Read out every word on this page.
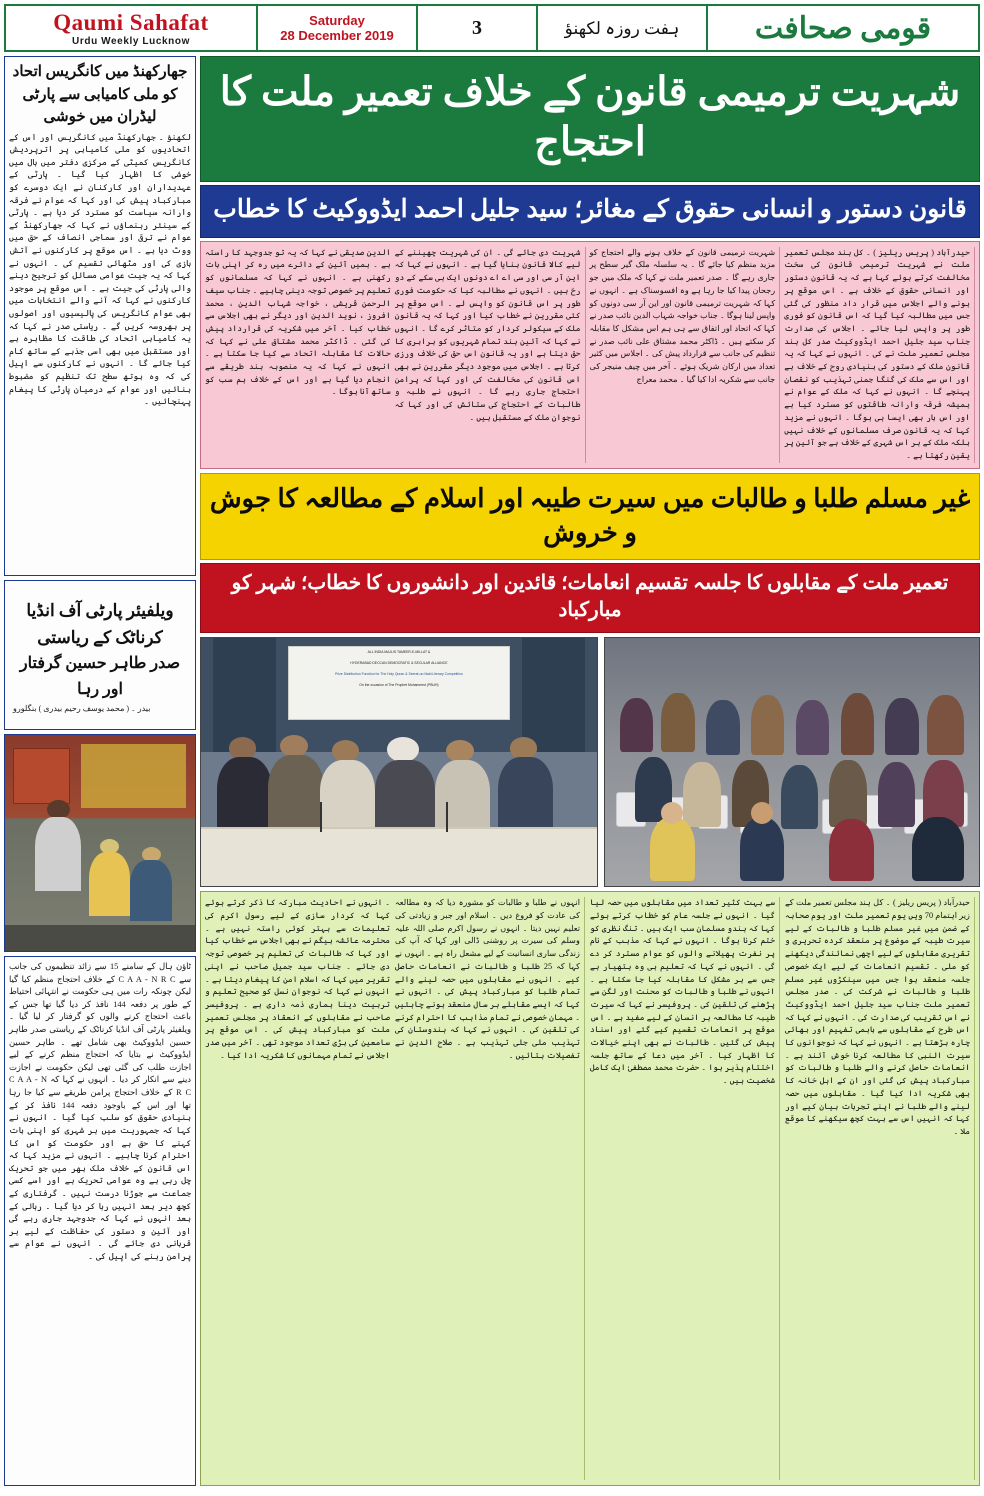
Qaumi Sahafat
Urdu Weekly Lucknow
Saturday
28 December 2019	3	ہفت روزہ لکھنؤ	قومی صحافت
جھارکھنڈ میں کانگریس اتحاد کو ملی کامیابی سے پارٹی لیڈران میں خوشی
لکھنؤ ۔ جھارکھنڈ میں کانگریس اور اس کے اتحادیوں کو ملی کامیابی پر اترپردیش کانگریس کمیٹی کے مرکزی دفتر میں ہال میں خوشی کا اظہار کیا گیا ۔ پارٹی کے عہدیداران اور کارکنان نے ایک دوسرے کو مبارکباد پیش کی اور کہا کہ عوام نے فرقہ وارانہ سیاست کو مسترد کر دیا ہے ۔ پارٹی کے سینئر رہنماؤں نے کہا کہ جھارکھنڈ کے عوام نے ترقی اور سماجی انصاف کے حق میں ووٹ دیا ہے ۔ اس موقع پر کارکنوں نے آتش بازی کی اور مٹھائی تقسیم کی ۔ انہوں نے کہا کہ یہ جیت عوامی مسائل کو ترجیح دینے والی پارٹی کی جیت ہے ۔ اس موقع پر موجود کارکنوں نے کہا کہ آنے والے انتخابات میں بھی عوام کانگریس کی پالیسیوں اور اصولوں پر بھروسہ کریں گے ۔ ریاستی صدر نے کہا کہ یہ کامیابی اتحاد کی طاقت کا مظاہرہ ہے اور مستقبل میں بھی اسی جذبے کے ساتھ کام کیا جائے گا ۔ انہوں نے کارکنوں سے اپیل کی کہ وہ بوتھ سطح تک تنظیم کو مضبوط بنائیں اور عوام کے درمیان پارٹی کا پیغام پہنچائیں ۔
ویلفیئر پارٹی آف انڈیا کرناٹک کے ریاستی
صدر طاہر حسین گرفتار اور رہا
بیدر ۔ ( محمد یوسف رحیم بیدری ) بنگلورو
ٹاؤن ہال کے سامنے 15 سے زائد تنظیموں کی جانب سے C A A - N R C کے خلاف احتجاج منظم کیا گیا لیکن چونکہ رات میں ہی حکومت نے انتہائی احتیاط کے طور پر دفعہ 144 نافذ کر دیا گیا تھا جس کے باعث احتجاج کرنے والوں کو گرفتار کر لیا گیا ۔ ویلفیئر پارٹی آف انڈیا کرناٹک کے ریاستی صدر طاہر حسین ایڈووکیٹ بھی شامل تھے ۔ طاہر حسین ایڈووکیٹ نے بتایا کہ احتجاج منظم کرنے کے لیے اجازت طلب کی گئی تھی لیکن حکومت نے اجازت دینے سے انکار کر دیا ۔ انہوں نے کہا کہ C A A - N R C کے خلاف احتجاج پرامن طریقے سے کیا جا رہا تھا اور اس کے باوجود دفعہ 144 نافذ کر کے بنیادی حقوق کو سلب کیا گیا ۔ انہوں نے کہا کہ جمہوریت میں ہر شہری کو اپنی بات کہنے کا حق ہے اور حکومت کو اس کا احترام کرنا چاہیے ۔ انہوں نے مزید کہا کہ اس قانون کے خلاف ملک بھر میں جو تحریک چل رہی ہے وہ عوامی تحریک ہے اور اسے کسی جماعت سے جوڑنا درست نہیں ۔ گرفتاری کے کچھ دیر بعد انہیں رہا کر دیا گیا ۔ رہائی کے بعد انہوں نے کہا کہ جدوجہد جاری رہے گی اور آئین و دستور کی حفاظت کے لیے ہر قربانی دی جائے گی ۔ انہوں نے عوام سے پرامن رہنے کی اپیل کی ۔
شہریت ترمیمی قانون کے خلاف تعمیر ملت کا احتجاج
قانون دستور و انسانی حقوق کے مغائر؛ سید جلیل احمد ایڈووکیٹ کا خطاب
الدین صدیقی نے کہا کہ یہ تو جدوجہد کا راستہ ہے ۔ ہمیں آئین کے دائرے میں رہ کر اپنی بات رکھنی ہے ۔ انہوں نے کہا کہ مسلمانوں کو تعلیم پر خصوصی توجہ دینی چاہیے ۔ جناب سیف الرحمن قریشی ، خواجہ شہاب الدین ، محمد افروز ، نوید الدین اور دیگر نے بھی اجلاس سے خطاب کیا ۔ آخر میں شکریہ کی قرارداد پیش کی گئی ۔ ڈاکٹر محمد مشتاق علی نے کہا کہ حالات کا مقابلہ اتحاد سے کیا جا سکتا ہے ۔ انہوں نے کہا کہ یہ منصوبہ بند طریقے سے انجام دیا گیا ہے اور اس کے خلاف ہم سب کو ساتھ آنا ہوگا ۔
شہریت دی جائے گی ۔ ان کی شہریت چھیننے کے لیے کالا قانون بنایا گیا ہے ۔ انہوں نے کہا کہ این آر سی اور سی اے اے دونوں ایک ہی سکے کے دو رخ ہیں ۔ انہوں نے مطالبہ کیا کہ حکومت فوری طور پر اس قانون کو واپس لے ۔ اس موقع پر کئی مقررین نے خطاب کیا اور کہا کہ یہ قانون ملک کے سیکولر کردار کو متاثر کرے گا ۔ انہوں نے کہا کہ آئین ہند تمام شہریوں کو برابری کا حق دیتا ہے اور یہ قانون اس حق کی خلاف ورزی کرتا ہے ۔ اجلاس میں موجود دیگر مقررین نے بھی اس قانون کی مخالفت کی اور کہا کہ پرامن احتجاج جاری رہے گا ۔ انہوں نے طلبہ و طالبات کے احتجاج کی ستائش کی اور کہا کہ نوجوان ملک کے مستقبل ہیں ۔
شہریت ترمیمی قانون کے خلاف ہونے والے احتجاج کو مزید منظم کیا جائے گا ۔ یہ سلسلہ ملک گیر سطح پر جاری رہے گا ۔ صدر تعمیر ملت نے کہا کہ ملک میں جو رجحان پیدا کیا جا رہا ہے وہ افسوسناک ہے ۔ انہوں نے کہا کہ شہریت ترمیمی قانون اور این آر سی دونوں کو واپس لینا ہوگا ۔ جناب خواجہ شہاب الدین نائب صدر نے کہا کہ اتحاد اور اتفاق سے ہی ہم اس مشکل کا مقابلہ کر سکتے ہیں ۔ ڈاکٹر محمد مشتاق علی نائب صدر نے تنظیم کی جانب سے قرارداد پیش کی ۔ اجلاس میں کثیر تعداد میں ارکان شریک ہوئے ۔ آخر میں چیف منیجر کی جانب سے شکریہ ادا کیا گیا ۔ محمد معراج
حیدرآباد ( پریس ریلیز ) ۔ کل ہند مجلس تعمیر ملت نے شہریت ترمیمی قانون کی سخت مخالفت کرتے ہوئے کہا ہے کہ یہ قانون دستور اور انسانی حقوق کے خلاف ہے ۔ اس موقع پر ہونے والے اجلاس میں قرار داد منظور کی گئی جس میں مطالبہ کیا گیا کہ اس قانون کو فوری طور پر واپس لیا جائے ۔ اجلاس کی صدارت جناب سید جلیل احمد ایڈووکیٹ صدر کل ہند مجلس تعمیر ملت نے کی ۔ انہوں نے کہا کہ یہ قانون ملک کے دستور کی بنیادی روح کے خلاف ہے اور اس سے ملک کی گنگا جمنی تہذیب کو نقصان پہنچے گا ۔ انہوں نے کہا کہ ملک کے عوام نے ہمیشہ فرقہ وارانہ طاقتوں کو مسترد کیا ہے اور اس بار بھی ایسا ہی ہوگا ۔ انہوں نے مزید کہا کہ یہ قانون صرف مسلمانوں کے خلاف نہیں بلکہ ملک کے ہر اس شہری کے خلاف ہے جو آئین پر یقین رکھتا ہے ۔
غیر مسلم طلبا و طالبات میں سیرت طیبہ اور اسلام کے مطالعہ کا جوش و خروش
تعمیر ملت کے مقابلوں کا جلسہ تقسیم انعامات؛ قائدین اور دانشوروں کا خطاب؛ شہر کو مبارکباد
ALL INDIA MAJLIS TAMEER-E-MILLAT &
HYDERABAD DECCAN DEMOCRATIC & SECULAR ALLIANCE
Prize Distribution Function for The Holy Quran & Seerat-un-Nabi Literary Competition
On the occasion of The Prophet Mohammed (PBUH)
۔ انہوں نے احادیث مبارکہ کا ذکر کرتے ہوئے کہا کہ کردار سازی کے لیے رسول اکرم کی تعلیمات سے بہتر کوئی راستہ نہیں ہے ۔ محترمہ عائشہ بیگم نے بھی اجلاس سے خطاب کیا اور کہا کہ طالبات کی تعلیم پر خصوصی توجہ دی جائے ۔ جناب سید جمیل صاحب نے اپنی تقریر میں کہا کہ اسلام امن کا پیغام دیتا ہے ۔ انہوں نے کہا کہ نوجوان نسل کو صحیح تعلیم و تربیت دینا ہماری ذمہ داری ہے ۔ پروفیسر صاحب نے مقابلوں کے انعقاد پر مجلس تعمیر ملت کو مبارکباد پیش کی ۔ اس موقع پر سامعین کی بڑی تعداد موجود تھی ۔ آخر میں صدر اجلاس نے تمام مہمانوں کا شکریہ ادا کیا ۔
انہوں نے طلبا و طالبات کو مشورہ دیا کہ وہ مطالعہ کی عادت کو فروغ دیں ۔ اسلام اور جبر و زیادتی کی تعلیم نہیں دیتا ۔ انہوں نے رسول اکرم صلی اللہ علیہ وسلم کی سیرت پر روشنی ڈالی اور کہا کہ آپ کی زندگی ساری انسانیت کے لیے مشعل راہ ہے ۔ انہوں نے کہا کہ 25 طلبا و طالبات نے انعامات حاصل کیے ۔ انہوں نے مقابلوں میں حصہ لینے والے تمام طلبا کو مبارکباد پیش کی ۔ انہوں نے کہا کہ ایسے مقابلے ہر سال منعقد ہونے چاہئیں ۔ مہمان خصوصی نے تمام مذاہب کا احترام کرنے کی تلقین کی ۔ انہوں نے کہا کہ ہندوستان کی تہذیب ملی جلی تہذیب ہے ۔ صلاح الدین نے تفصیلات بتائیں ۔
سے بہت کثیر تعداد میں مقابلوں میں حصہ لیا گیا ۔ انہوں نے جلسہ عام کو خطاب کرتے ہوئے کہا کہ ہندو مسلمان سب ایک ہیں ۔ تنگ نظری کو ختم کرنا ہوگا ۔ انہوں نے کہا کہ مذہب کے نام پر نفرت پھیلانے والوں کو عوام مسترد کر دے گی ۔ انہوں نے کہا کہ تعلیم ہی وہ ہتھیار ہے جس سے ہر مشکل کا مقابلہ کیا جا سکتا ہے ۔ انہوں نے طلبا و طالبات کو محنت اور لگن سے پڑھنے کی تلقین کی ۔ پروفیسر نے کہا کہ سیرت طیبہ کا مطالعہ ہر انسان کے لیے مفید ہے ۔ اس موقع پر انعامات تقسیم کیے گئے اور اسناد پیش کی گئیں ۔ طالبات نے بھی اپنے خیالات کا اظہار کیا ۔ آخر میں دعا کے ساتھ جلسہ اختتام پذیر ہوا ۔ حضرت محمد مصطفیٰ ایک کامل شخصیت ہیں ۔
حیدرآباد ( پریس ریلیز ) ۔ کل ہند مجلس تعمیر ملت کے زیر اہتمام 70 ویں یوم تعمیر ملت اور یوم صحابہ کے ضمن میں غیر مسلم طلبا و طالبات کے لیے سیرت طیبہ کے موضوع پر منعقد کردہ تحریری و تقریری مقابلوں کے لیے اچھی نمائندگی دیکھنے کو ملی ۔ تقسیم انعامات کے لیے ایک خصوصی جلسہ منعقد ہوا جس میں سینکڑوں غیر مسلم طلبا و طالبات نے شرکت کی ۔ صدر مجلس تعمیر ملت جناب سید جلیل احمد ایڈووکیٹ نے اس تقریب کی صدارت کی ۔ انہوں نے کہا کہ اس طرح کے مقابلوں سے باہمی تفہیم اور بھائی چارہ بڑھتا ہے ۔ انہوں نے کہا کہ نوجوانوں کا سیرت النبی کا مطالعہ کرنا خوش آئند ہے ۔ انعامات حاصل کرنے والے طلبا و طالبات کو مبارکباد پیش کی گئی اور ان کے اہل خانہ کا بھی شکریہ ادا کیا گیا ۔ مقابلوں میں حصہ لینے والے طلبا نے اپنے تجربات بیان کیے اور کہا کہ انہیں اس سے بہت کچھ سیکھنے کا موقع ملا ۔
